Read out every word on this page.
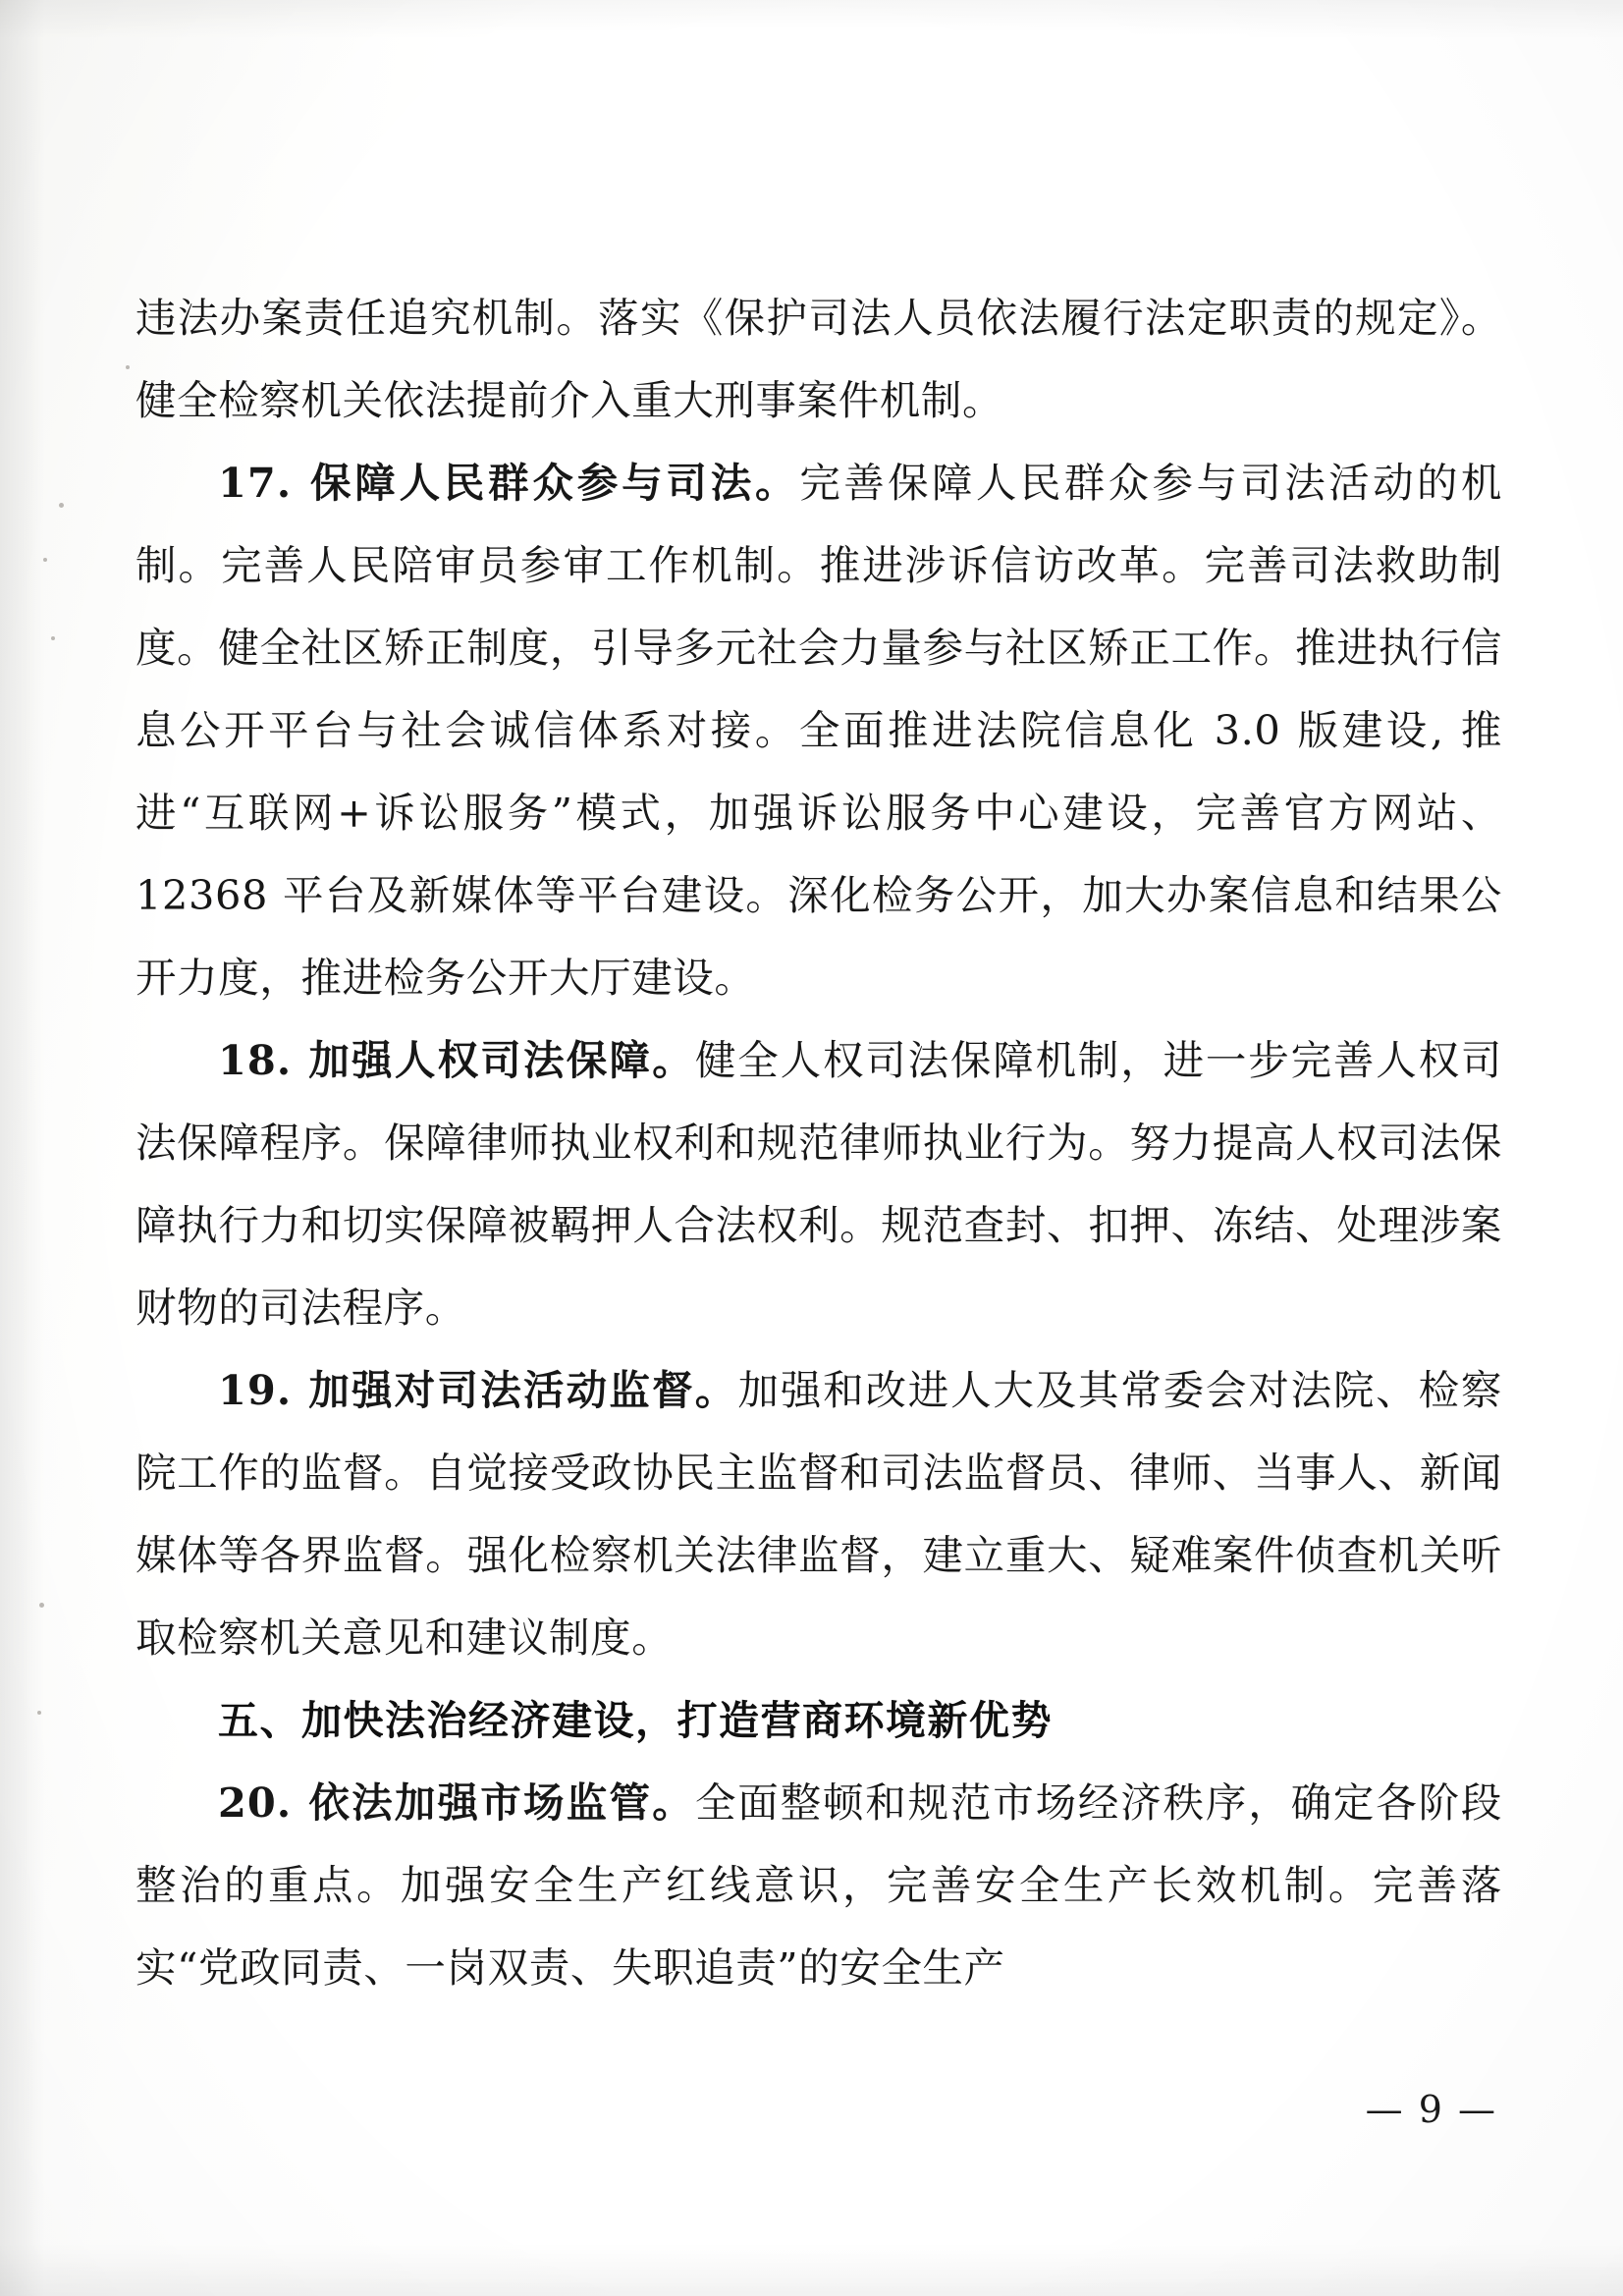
违法办案责任追究机制。落实《保护司法人员依法履行法定职责的规定》。健全检察机关依法提前介入重大刑事案件机制。

17. 保障人民群众参与司法。完善保障人民群众参与司法活动的机制。完善人民陪审员参审工作机制。推进涉诉信访改革。完善司法救助制度。健全社区矫正制度，引导多元社会力量参与社区矫正工作。推进执行信息公开平台与社会诚信体系对接。全面推进法院信息化 3.0 版建设, 推进“互联网+诉讼服务”模式，加强诉讼服务中心建设，完善官方网站、12368 平台及新媒体等平台建设。深化检务公开，加大办案信息和结果公开力度，推进检务公开大厅建设。

18. 加强人权司法保障。健全人权司法保障机制，进一步完善人权司法保障程序。保障律师执业权利和规范律师执业行为。努力提高人权司法保障执行力和切实保障被羁押人合法权利。规范查封、扣押、冻结、处理涉案财物的司法程序。

19. 加强对司法活动监督。加强和改进人大及其常委会对法院、检察院工作的监督。自觉接受政协民主监督和司法监督员、律师、当事人、新闻媒体等各界监督。强化检察机关法律监督，建立重大、疑难案件侦查机关听取检察机关意见和建议制度。

五、加快法治经济建设，打造营商环境新优势

20. 依法加强市场监管。全面整顿和规范市场经济秩序，确定各阶段整治的重点。加强安全生产红线意识，完善安全生产长效机制。完善落实“党政同责、一岗双责、失职追责”的安全生产

— 9 —
